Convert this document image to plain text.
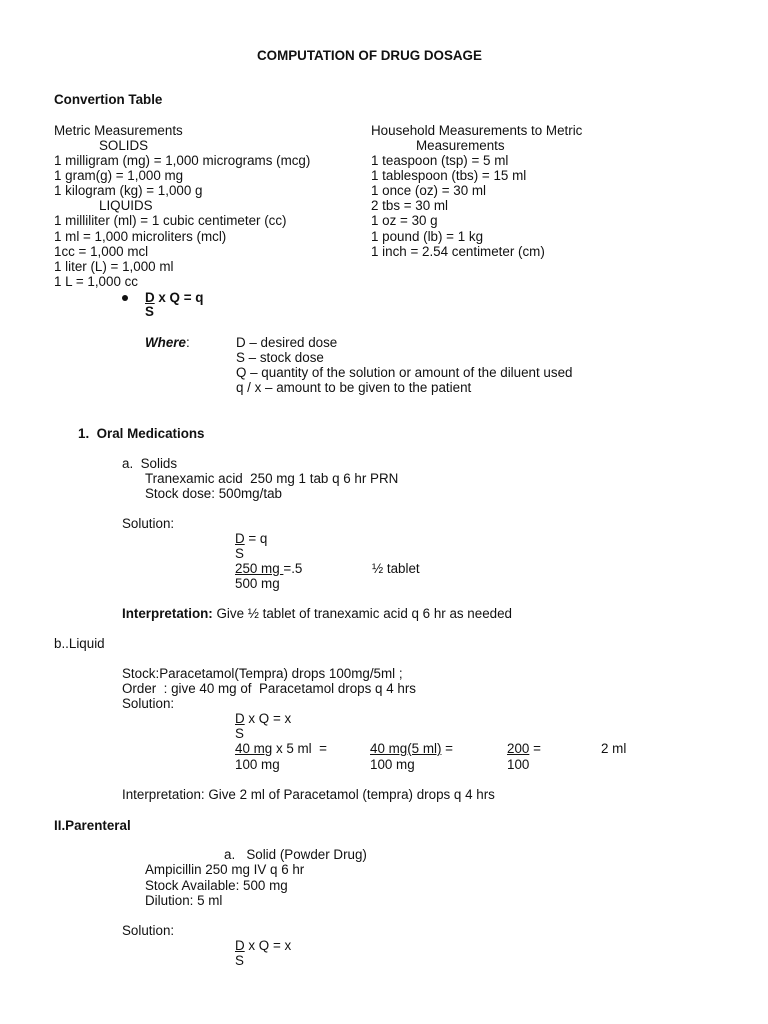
COMPUTATION OF DRUG DOSAGE
Convertion Table
Metric Measurements
SOLIDS
1 milligram (mg) = 1,000 micrograms (mcg)
1 gram(g) = 1,000 mg
1 kilogram (kg) = 1,000 g
LIQUIDS
1 milliliter (ml) = 1 cubic centimeter (cc)
1 ml = 1,000 microliters (mcl)
1cc = 1,000 mcl
1 liter (L) = 1,000 ml
1 L = 1,000 cc
Household Measurements to Metric
Measurements
1 teaspoon (tsp) = 5 ml
1 tablespoon (tbs) = 15 ml
1 once (oz) = 30 ml
2 tbs = 30 ml
1 oz = 30 g
1 pound (lb) = 1 kg
1 inch = 2.54 centimeter (cm)
D x Q = q
S
Where:	D – desired dose
S – stock dose
Q – quantity of the solution or amount of the diluent used
q / x – amount to be given to the patient
1.  Oral Medications
a.  Solids
Tranexamic acid  250 mg 1 tab q 6 hr PRN
Stock dose: 500mg/tab
Solution:
D = q
S
250 mg =.5	½ tablet
500 mg
Interpretation: Give ½ tablet of tranexamic acid q 6 hr as needed
b..Liquid
Stock:Paracetamol(Tempra) drops 100mg/5ml ;
Order  : give 40 mg of  Paracetamol drops q 4 hrs
Solution:
D x Q = x
S
40 mg x 5 ml  =
100 mg
40 mg(5 ml) =
100 mg
200 =
100
2 ml
Interpretation: Give 2 ml of Paracetamol (tempra) drops q 4 hrs
II.Parenteral
a.   Solid (Powder Drug)
Ampicillin 250 mg IV q 6 hr
Stock Available: 500 mg
Dilution: 5 ml
Solution:
D x Q = x
S
